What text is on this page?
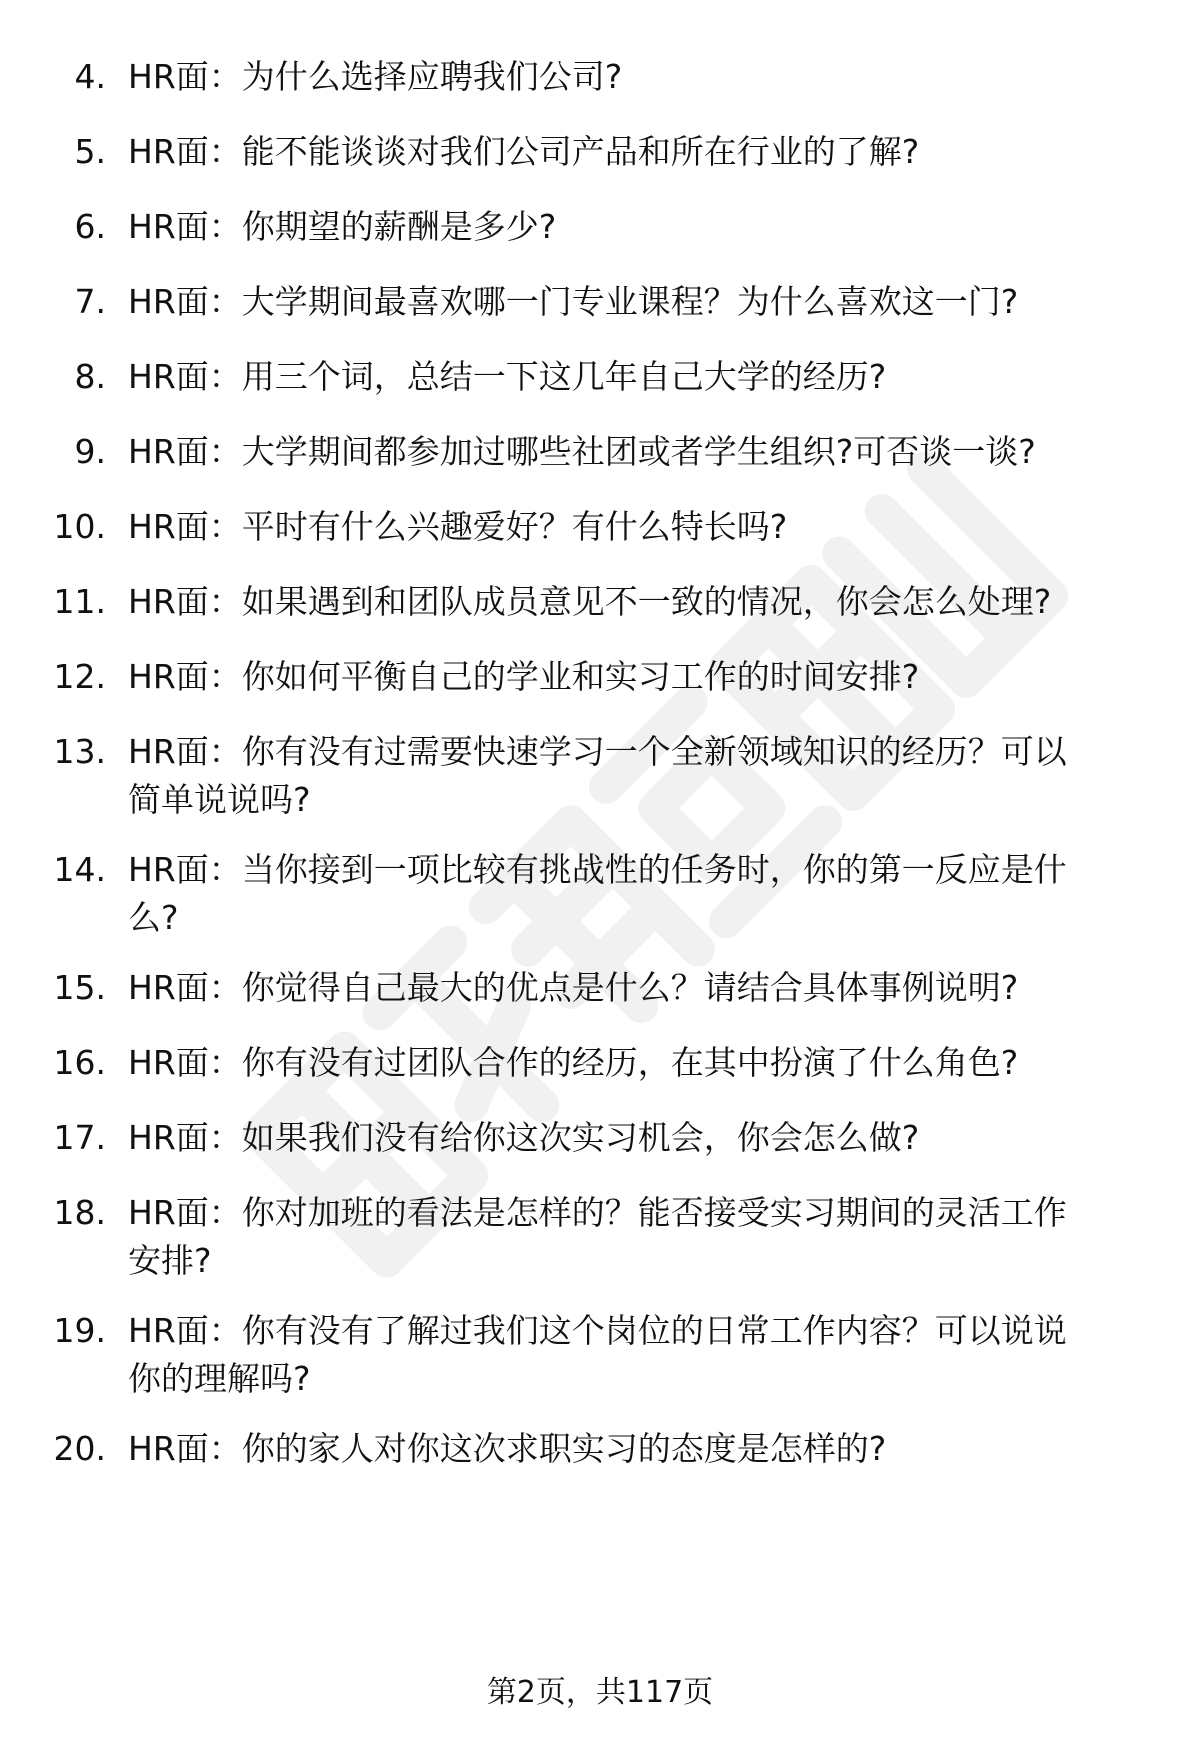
4. HR面：为什么选择应聘我们公司?
5. HR面：能不能谈谈对我们公司产品和所在行业的了解?
6. HR面：你期望的薪酬是多少?
7. HR面：大学期间最喜欢哪一门专业课程？为什么喜欢这一门?
8. HR面：用三个词，总结一下这几年自己大学的经历?
9. HR面：大学期间都参加过哪些社团或者学生组织?可否谈一谈?
10. HR面：平时有什么兴趣爱好？有什么特长吗?
11. HR面：如果遇到和团队成员意见不一致的情况，你会怎么处理?
12. HR面：你如何平衡自己的学业和实习工作的时间安排?
13. HR面：你有没有过需要快速学习一个全新领域知识的经历？可以
简单说说吗?
14. HR面：当你接到一项比较有挑战性的任务时，你的第一反应是什
么?
15. HR面：你觉得自己最大的优点是什么？请结合具体事例说明?
16. HR面：你有没有过团队合作的经历，在其中扮演了什么角色?
17. HR面：如果我们没有给你这次实习机会，你会怎么做?
18. HR面：你对加班的看法是怎样的？能否接受实习期间的灵活工作
安排?
19. HR面：你有没有了解过我们这个岗位的日常工作内容？可以说说
你的理解吗?
20. HR面：你的家人对你这次求职实习的态度是怎样的?
第2页，共117页
